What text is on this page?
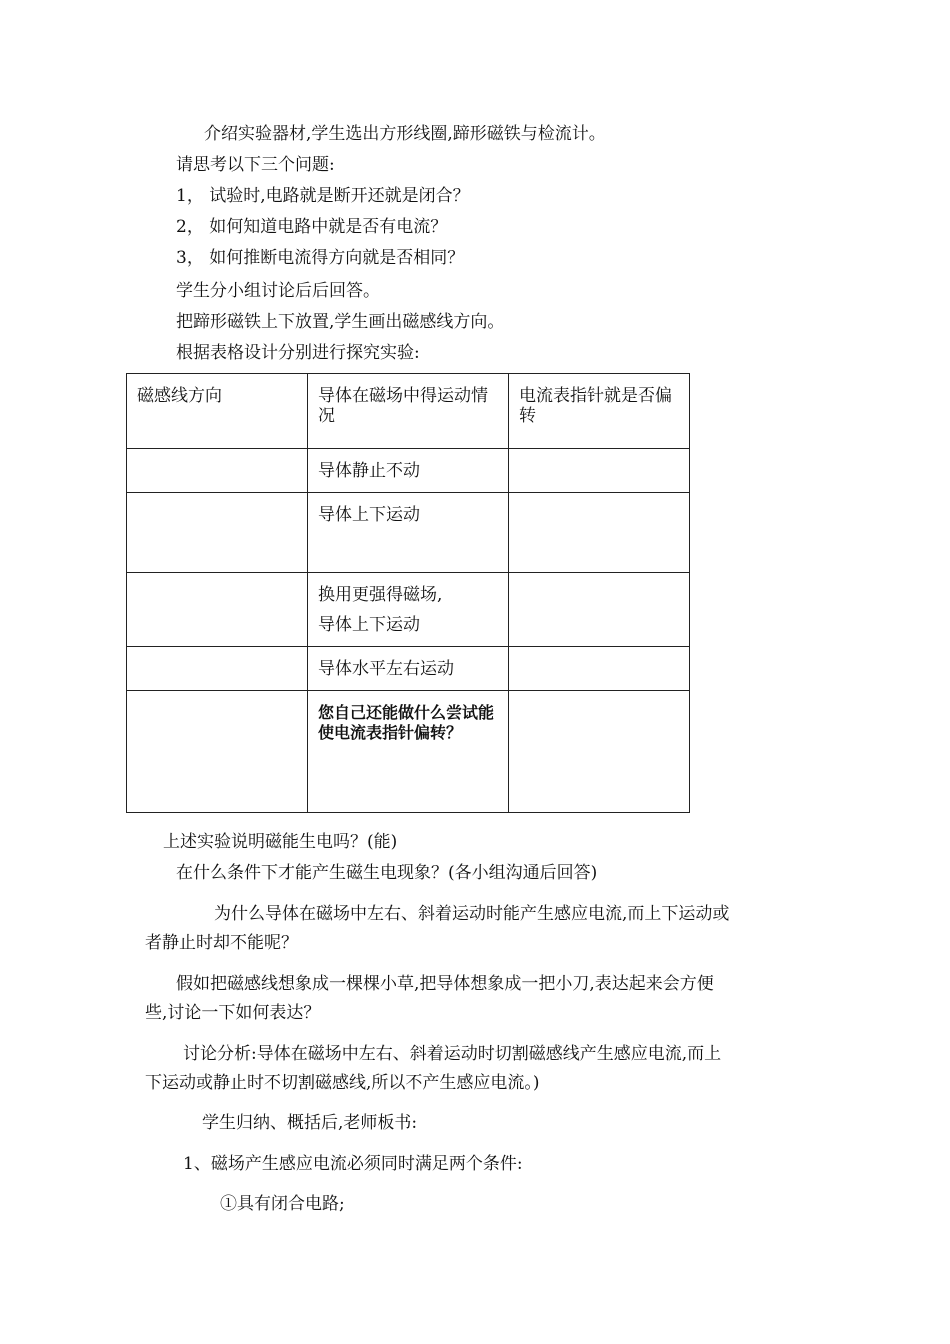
介绍实验器材,学生选出方形线圈,蹄形磁铁与检流计。
请思考以下三个问题:
1， 试验时,电路就是断开还就是闭合？
2， 如何知道电路中就是否有电流？
3， 如何推断电流得方向就是否相同？
学生分小组讨论后后回答。
把蹄形磁铁上下放置,学生画出磁感线方向。
根据表格设计分别进行探究实验:
磁感线方向	导体在磁场中得运动情况	电流表指针就是否偏转
	导体静止不动	
	导体上下运动	
	换用更强得磁场,
导体上下运动	

	导体水平左右运动	
	您自己还能做什么尝试能使电流表指针偏转？	
上述实验说明磁能生电吗？(能)
在什么条件下才能产生磁生电现象？(各小组沟通后回答)
为什么导体在磁场中左右、斜着运动时能产生感应电流,而上下运动或
者静止时却不能呢？
假如把磁感线想象成一棵棵小草,把导体想象成一把小刀,表达起来会方便
些,讨论一下如何表达？
讨论分析:导体在磁场中左右、斜着运动时切割磁感线产生感应电流,而上
下运动或静止时不切割磁感线,所以不产生感应电流。)
学生归纳、概括后,老师板书:
1、磁场产生感应电流必须同时满足两个条件:
①具有闭合电路;
